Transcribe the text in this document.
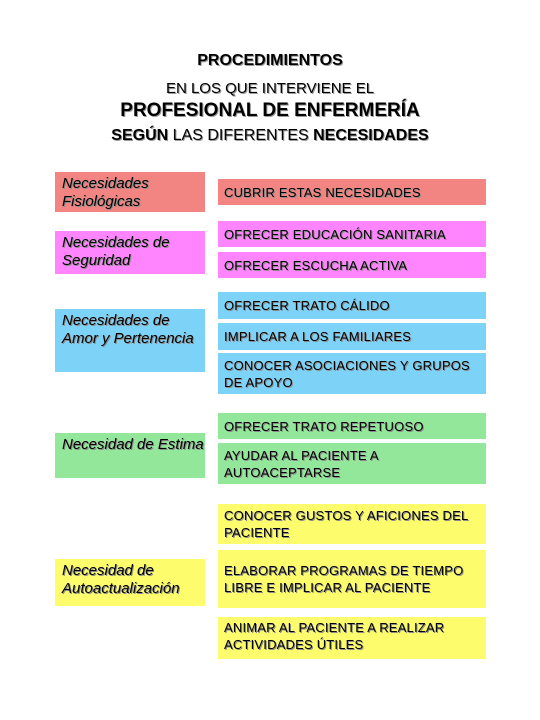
PROCEDIMIENTOS
EN LOS QUE INTERVIENE EL
PROFESIONAL DE ENFERMERÍA
SEGÚN LAS DIFERENTES NECESIDADES
Necesidades Fisiológicas
CUBRIR ESTAS NECESIDADES
Necesidades de Seguridad
OFRECER EDUCACIÓN SANITARIA
OFRECER ESCUCHA ACTIVA
Necesidades de Amor y Pertenencia
OFRECER TRATO CÁLIDO
IMPLICAR A LOS FAMILIARES
CONOCER ASOCIACIONES Y GRUPOS DE APOYO
Necesidad de Estima
OFRECER TRATO REPETUOSO
AYUDAR AL PACIENTE A AUTOACEPTARSE
Necesidad de Autoactualización
CONOCER GUSTOS Y AFICIONES DEL PACIENTE
ELABORAR PROGRAMAS DE TIEMPO LIBRE E IMPLICAR AL PACIENTE
ANIMAR AL PACIENTE A REALIZAR ACTIVIDADES ÚTILES
